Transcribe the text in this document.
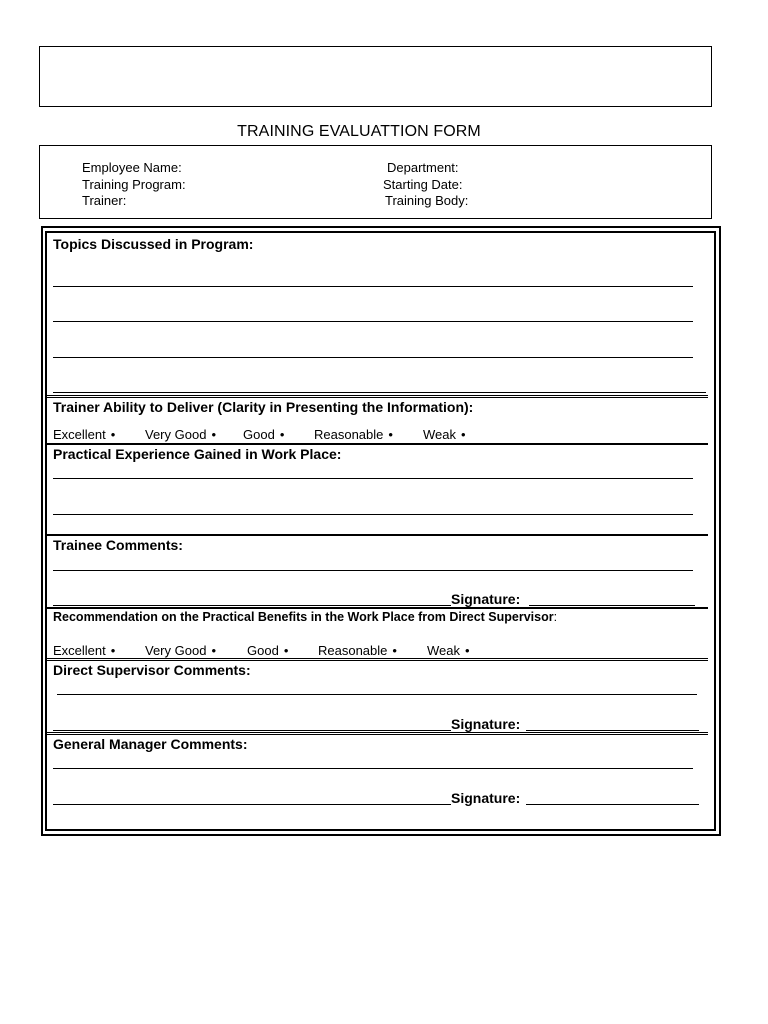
TRAINING EVALUATTION FORM
Employee Name:
Training Program:
Trainer:
Department:
Starting Date:
Training Body:
Topics Discussed in Program:
Trainer Ability to Deliver (Clarity in Presenting the Information):
Excellent • Very Good • Good • Reasonable • Weak •
Practical Experience Gained in Work Place:
Trainee Comments:
Signature:
Recommendation on the Practical Benefits in the Work Place from Direct Supervisor:
Excellent • Very Good • Good • Reasonable • Weak •
Direct Supervisor Comments:
Signature:
General Manager Comments:
Signature:
